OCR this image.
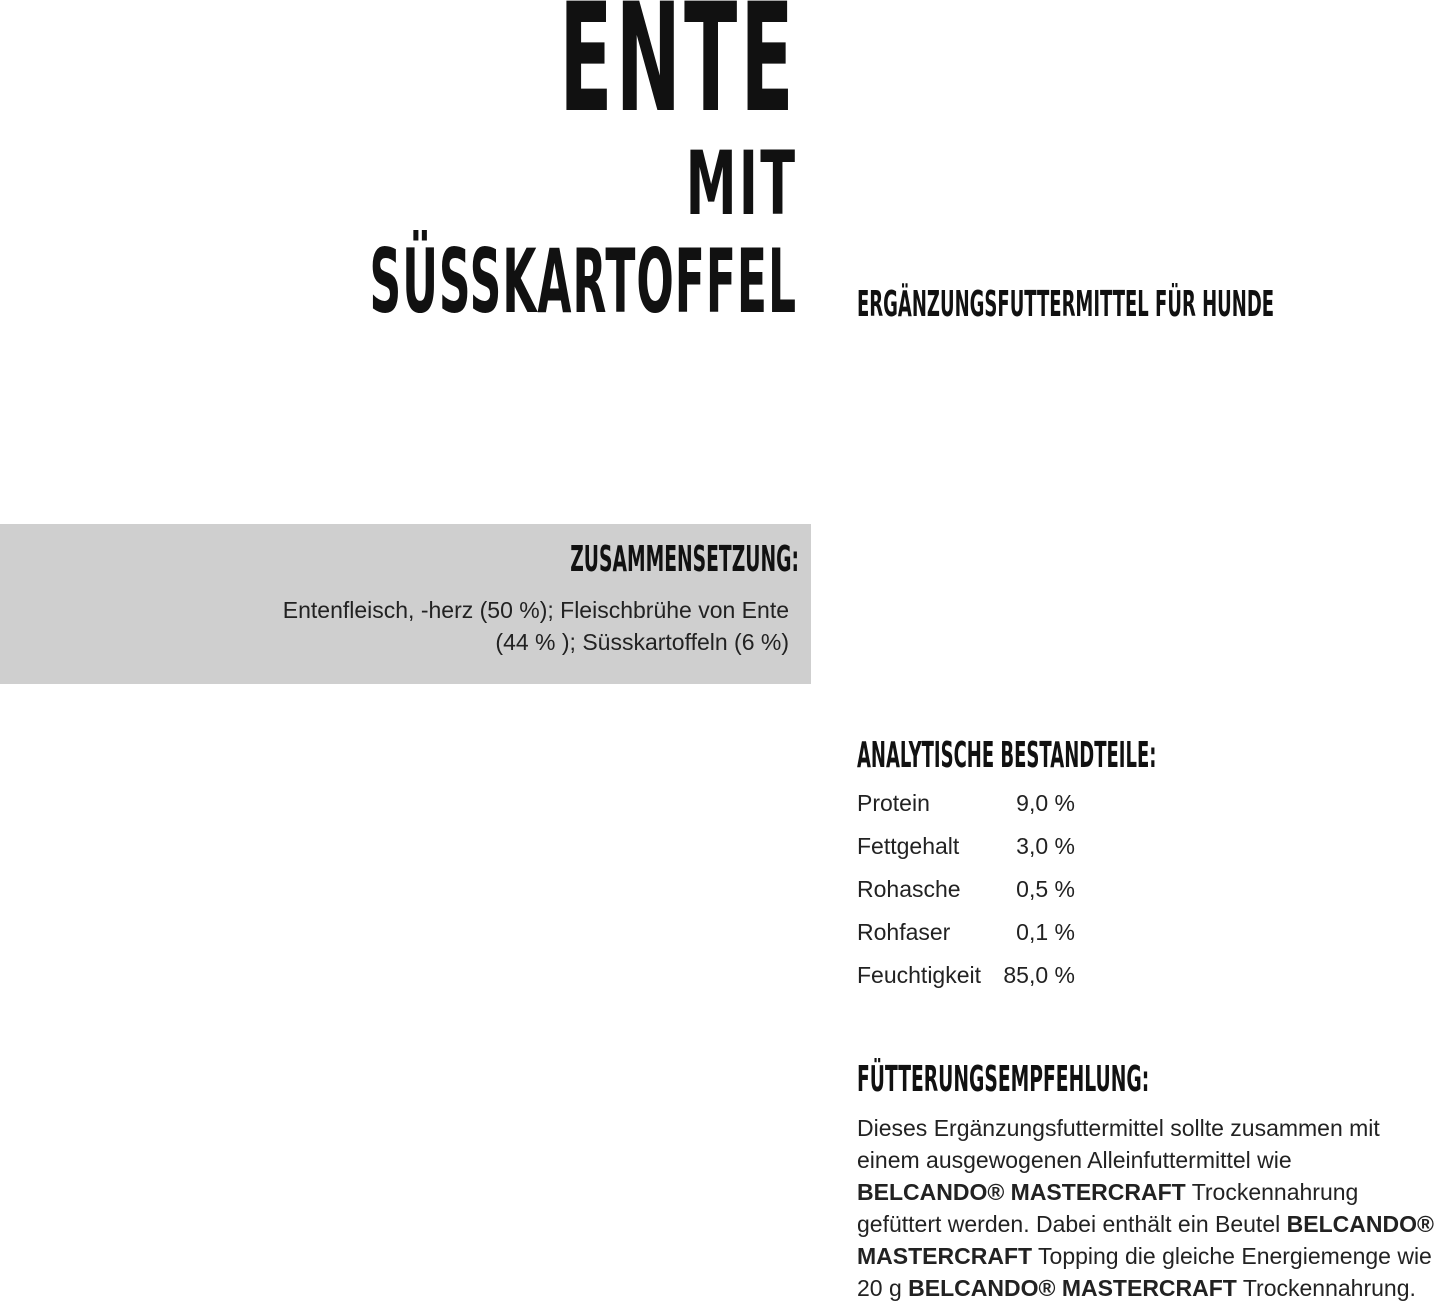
ENTE
MIT
SÜSSKARTOFFEL ERGÄNZUNGSFUTTERMITTEL FÜR HUNDE
ZUSAMMENSETZUNG:
Entenfleisch, -herz (50 %); Fleischbrühe von Ente
(44 % ); Süsskartoffeln (6 %)
ANALYTISCHE BESTANDTEILE:
Protein	9,0 %
Fettgehalt 3,0 %
Rohasche 0,5 %
Rohfaser	0,1 %
Feuchtigkeit 85,0 %
FÜTTERUNGSEMPFEHLUNG:
Dieses Ergänzungsfuttermittel sollte zusammen mit einem ausgewogenen Alleinfuttermittel wie BELCANDO® MASTERCRAFT Trockennahrung gefüttert werden. Dabei enthält ein Beutel BELCANDO® MASTERCRAFT Topping die gleiche Energiemenge wie 20 g BELCANDO® MASTERCRAFT Trockennahrung.
